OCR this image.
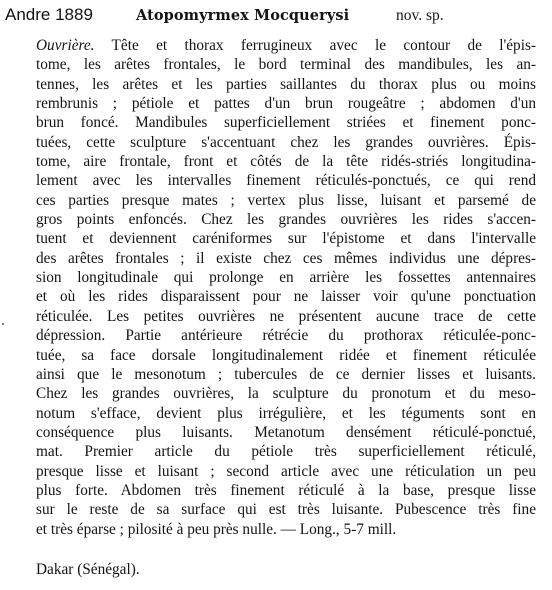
Andre 1889	Atopomyrmex Mocquerysi	nov. sp.
Ouvrière. Tête et thorax ferrugineux avec le contour de l'épis-
tome, les arêtes frontales, le bord terminal des mandibules, les an-
tennes, les arêtes et les parties saillantes du thorax plus ou moins
rembrunis ; pétiole et pattes d'un brun rougeâtre ; abdomen d'un
brun foncé. Mandibules superficiellement striées et finement ponc-
tuées, cette sculpture s'accentuant chez les grandes ouvrières. Épis-
tome, aire frontale, front et côtés de la tête ridés-striés longitudina-
lement avec les intervalles finement réticulés-ponctués, ce qui rend
ces parties presque mates ; vertex plus lisse, luisant et parsemé de
gros points enfoncés. Chez les grandes ouvrières les rides s'accen-
tuent et deviennent caréniformes sur l'épistome et dans l'intervalle
des arêtes frontales ; il existe chez ces mêmes individus une dépres-
sion longitudinale qui prolonge en arrière les fossettes antennaires
et où les rides disparaissent pour ne laisser voir qu'une ponctuation
réticulée. Les petites ouvrières ne présentent aucune trace de cette
dépression. Partie antérieure rétrécie du prothorax réticulée-ponc-
tuée, sa face dorsale longitudinalement ridée et finement réticulée
ainsi que le mesonotum ; tubercules de ce dernier lisses et luisants.
Chez les grandes ouvrières, la sculpture du pronotum et du meso-
notum s'efface, devient plus irrégulière, et les téguments sont en
conséquence plus luisants. Metanotum densément réticulé-ponctué,
mat. Premier article du pétiole très superficiellement réticulé,
presque lisse et luisant ; second article avec une réticulation un peu
plus forte. Abdomen très finement réticulé à la base, presque lisse
sur le reste de sa surface qui est très luisante. Pubescence très fine
et très éparse ; pilosité à peu près nulle. — Long., 5-7 mill.
Dakar (Sénégal).
